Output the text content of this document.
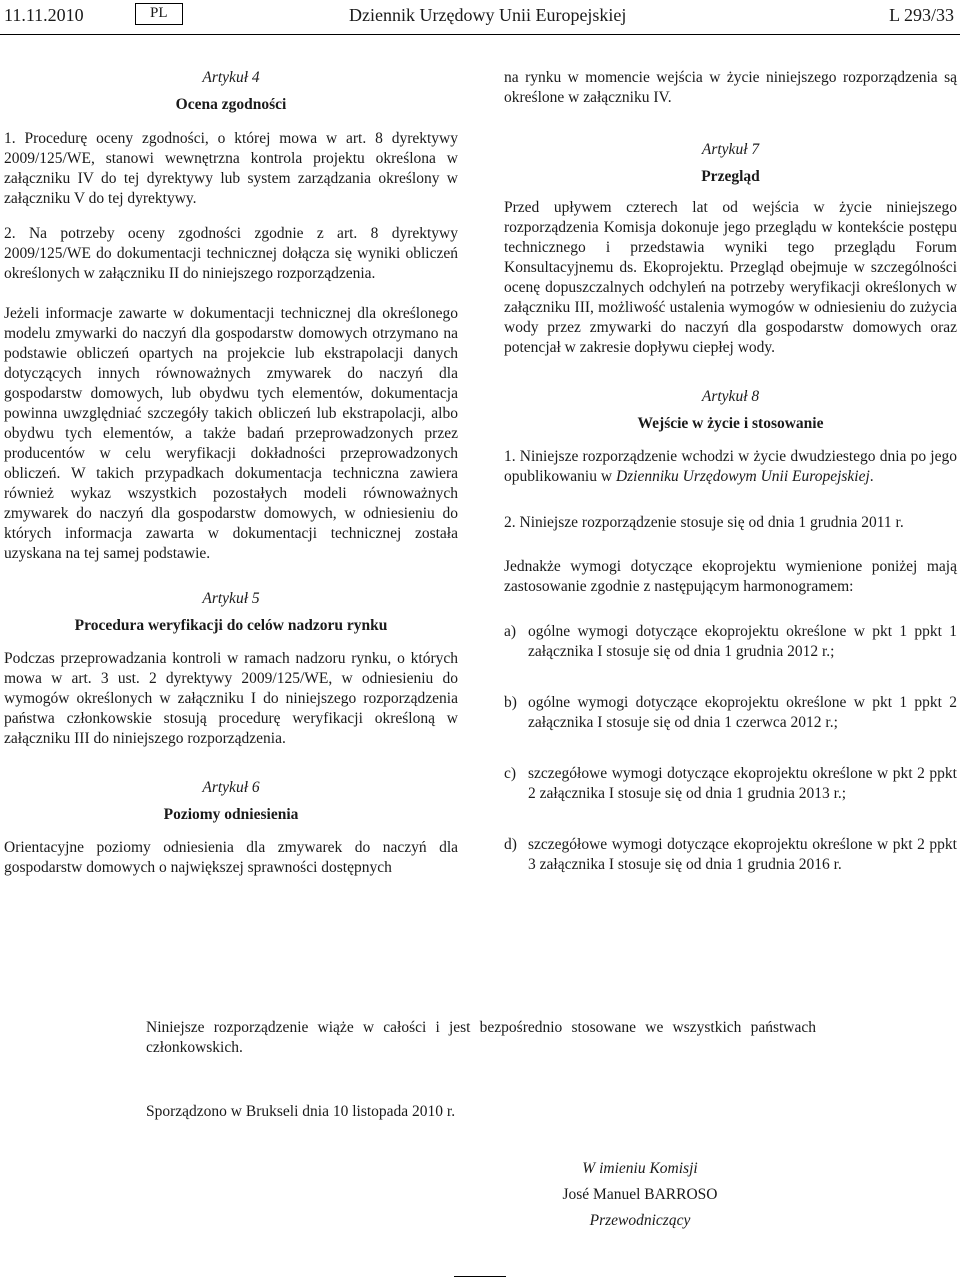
11.11.2010	PL	Dziennik Urzędowy Unii Europejskiej	L 293/33

Artykuł 4

Ocena zgodności

1. Procedurę oceny zgodności, o której mowa w art. 8 dyrektywy 2009/125/WE, stanowi wewnętrzna kontrola projektu określona w załączniku IV do tej dyrektywy lub system zarządzania określony w załączniku V do tej dyrektywy.

2. Na potrzeby oceny zgodności zgodnie z art. 8 dyrektywy 2009/125/WE do dokumentacji technicznej dołącza się wyniki obliczeń określonych w załączniku II do niniejszego rozporządzenia.

Jeżeli informacje zawarte w dokumentacji technicznej dla określonego modelu zmywarki do naczyń dla gospodarstw domowych otrzymano na podstawie obliczeń opartych na projekcie lub ekstrapolacji danych dotyczących innych równoważnych zmywarek do naczyń dla gospodarstw domowych, lub obydwu tych elementów, dokumentacja powinna uwzględniać szczegóły takich obliczeń lub ekstrapolacji, albo obydwu tych elementów, a także badań przeprowadzonych przez producentów w celu weryfikacji dokładności przeprowadzonych obliczeń. W takich przypadkach dokumentacja techniczna zawiera również wykaz wszystkich pozostałych modeli równoważnych zmywarek do naczyń dla gospodarstw domowych, w odniesieniu do których informacja zawarta w dokumentacji technicznej została uzyskana na tej samej podstawie.

Artykuł 5

Procedura weryfikacji do celów nadzoru rynku

Podczas przeprowadzania kontroli w ramach nadzoru rynku, o których mowa w art. 3 ust. 2 dyrektywy 2009/125/WE, w odniesieniu do wymogów określonych w załączniku I do niniejszego rozporządzenia państwa członkowskie stosują procedurę weryfikacji określoną w załączniku III do niniejszego rozporządzenia.

Artykuł 6

Poziomy odniesienia

Orientacyjne poziomy odniesienia dla zmywarek do naczyń dla gospodarstw domowych o największej sprawności dostępnych

na rynku w momencie wejścia w życie niniejszego rozporządzenia są określone w załączniku IV.

Artykuł 7

Przegląd

Przed upływem czterech lat od wejścia w życie niniejszego rozporządzenia Komisja dokonuje jego przeglądu w kontekście postępu technicznego i przedstawia wyniki tego przeglądu Forum Konsultacyjnemu ds. Ekoprojektu. Przegląd obejmuje w szczególności ocenę dopuszczalnych odchyleń na potrzeby weryfikacji określonych w załączniku III, możliwość ustalenia wymogów w odniesieniu do zużycia wody przez zmywarki do naczyń dla gospodarstw domowych oraz potencjał w zakresie dopływu ciepłej wody.

Artykuł 8

Wejście w życie i stosowanie

1. Niniejsze rozporządzenie wchodzi w życie dwudziestego dnia po jego opublikowaniu w Dzienniku Urzędowym Unii Europejskiej.

2. Niniejsze rozporządzenie stosuje się od dnia 1 grudnia 2011 r.

Jednakże wymogi dotyczące ekoprojektu wymienione poniżej mają zastosowanie zgodnie z następującym harmonogramem:

a) ogólne wymogi dotyczące ekoprojektu określone w pkt 1 ppkt 1 załącznika I stosuje się od dnia 1 grudnia 2012 r.;

b) ogólne wymogi dotyczące ekoprojektu określone w pkt 1 ppkt 2 załącznika I stosuje się od dnia 1 czerwca 2012 r.;

c) szczegółowe wymogi dotyczące ekoprojektu określone w pkt 2 ppkt 2 załącznika I stosuje się od dnia 1 grudnia 2013 r.;

d) szczegółowe wymogi dotyczące ekoprojektu określone w pkt 2 ppkt 3 załącznika I stosuje się od dnia 1 grudnia 2016 r.

Niniejsze rozporządzenie wiąże w całości i jest bezpośrednio stosowane we wszystkich państwach członkowskich.

Sporządzono w Brukseli dnia 10 listopada 2010 r.

W imieniu Komisji
José Manuel BARROSO
Przewodniczący
